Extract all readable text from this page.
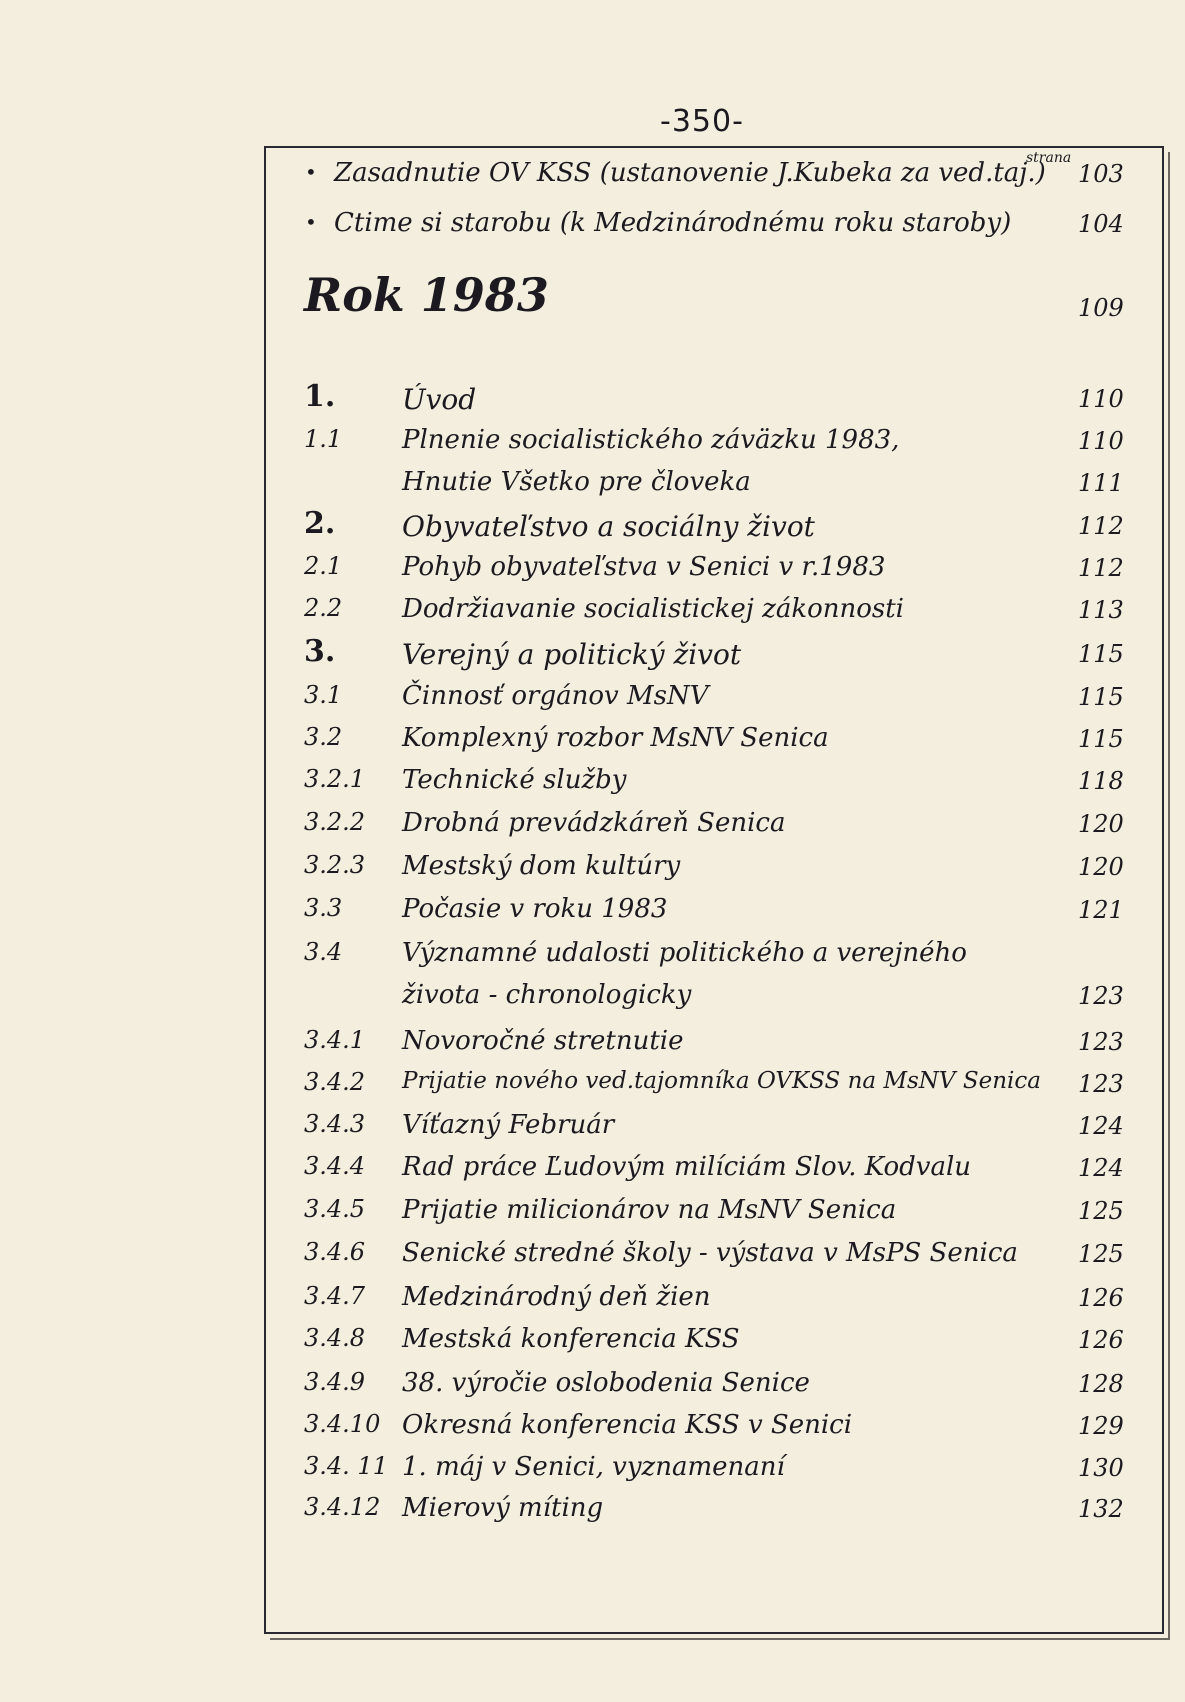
-350-
strana
• Zasadnutie OV KSS (ustanovenie J.Kubeka za ved.taj.) 103
• Ctime si starobu (k Medzinárodnému roku staroby)	104
Rok 1983	109
1. Úvod	110
1.1 Plnenie socialistického záväzku 1983,	110
Hnutie Všetko pre človeka	111
2. Obyvateľstvo a sociálny život	112
2.1 Pohyb obyvateľstva v Senici v r.1983	112
2.2 Dodržiavanie socialistickej zákonnosti	113
3. Verejný a politický život	115
3.1 Činnosť orgánov MsNV	115
3.2 Komplexný rozbor MsNV Senica	115
3.2.1 Technické služby	118
3.2.2 Drobná prevádzkáreň Senica	120
3.2.3 Mestský dom kultúry	120
3.3 Počasie v roku 1983	121
3.4 Významné udalosti politického a verejného
života - chronologicky	123
3.4.1 Novoročné stretnutie	123
3.4.2 Prijatie nového ved.tajomníka OVKSS na MsNV Senica 123
3.4.3 Víťazný Február	124
3.4.4 Rad práce Ľudovým milíciám Slov. Kodvalu	124
3.4.5 Prijatie milicionárov na MsNV Senica	125
3.4.6 Senické stredné školy - výstava v MsPS Senica	125
3.4.7 Medzinárodný deň žien	126
3.4.8 Mestská konferencia KSS	126
3.4.9 38. výročie oslobodenia Senice	128
3.4.10 Okresná konferencia KSS v Senici	129
3.4. 11 1. máj v Senici, vyznamenaní	130
3.4.12 Mierový míting	132
